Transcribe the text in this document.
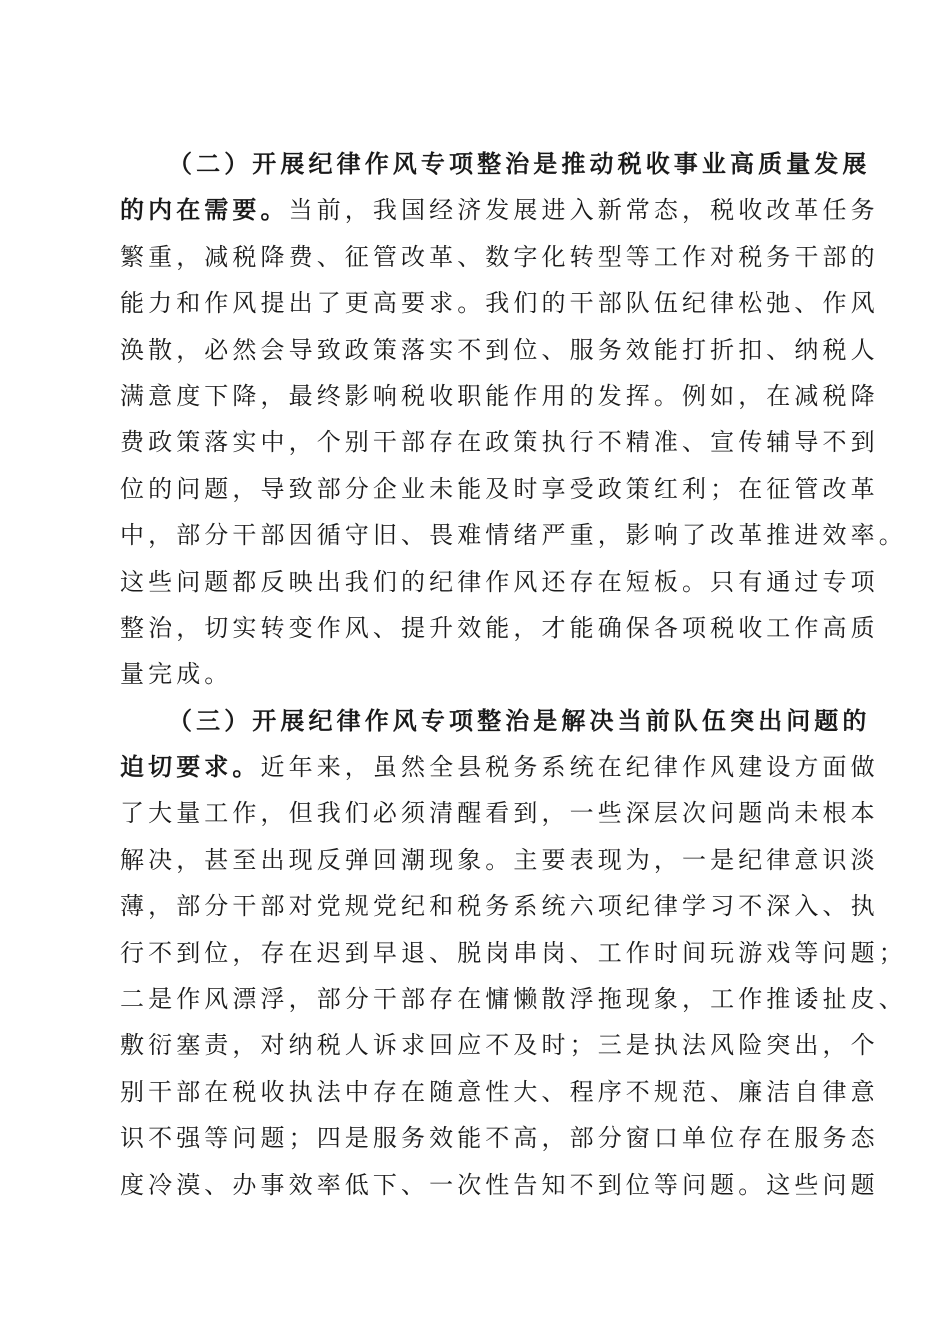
（二）开展纪律作风专项整治是推动税收事业高质量发展
的内在需要。当前，我国经济发展进入新常态，税收改革任务
繁重，减税降费、征管改革、数字化转型等工作对税务干部的
能力和作风提出了更高要求。我们的干部队伍纪律松弛、作风
涣散，必然会导致政策落实不到位、服务效能打折扣、纳税人
满意度下降，最终影响税收职能作用的发挥。例如，在减税降
费政策落实中，个别干部存在政策执行不精准、宣传辅导不到
位的问题，导致部分企业未能及时享受政策红利；在征管改革
中，部分干部因循守旧、畏难情绪严重，影响了改革推进效率。
这些问题都反映出我们的纪律作风还存在短板。只有通过专项
整治，切实转变作风、提升效能，才能确保各项税收工作高质
量完成。
（三）开展纪律作风专项整治是解决当前队伍突出问题的
迫切要求。近年来，虽然全县税务系统在纪律作风建设方面做
了大量工作，但我们必须清醒看到，一些深层次问题尚未根本
解决，甚至出现反弹回潮现象。主要表现为，一是纪律意识淡
薄，部分干部对党规党纪和税务系统六项纪律学习不深入、执
行不到位，存在迟到早退、脱岗串岗、工作时间玩游戏等问题；
二是作风漂浮，部分干部存在慵懒散浮拖现象，工作推诿扯皮、
敷衍塞责，对纳税人诉求回应不及时；三是执法风险突出，个
别干部在税收执法中存在随意性大、程序不规范、廉洁自律意
识不强等问题；四是服务效能不高，部分窗口单位存在服务态
度冷漠、办事效率低下、一次性告知不到位等问题。这些问题
